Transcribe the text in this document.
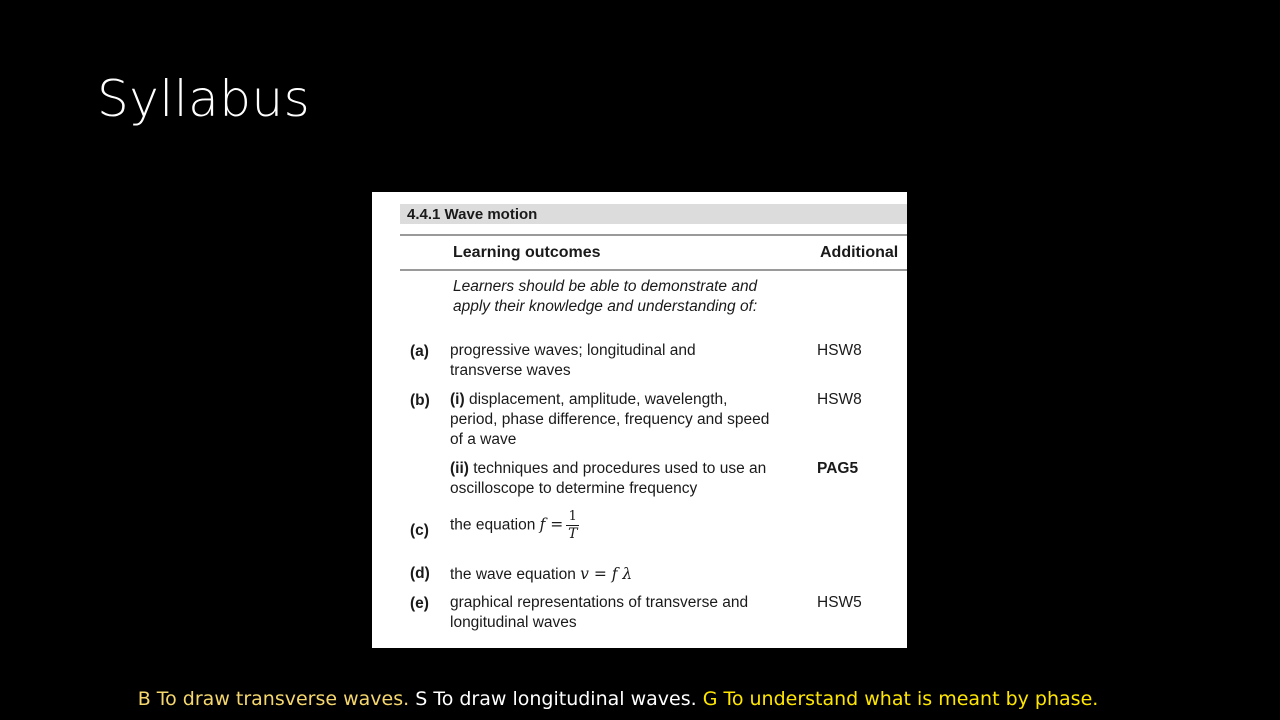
Syllabus
4.4.1 Wave motion
Learning outcomes	Additional
Learners should be able to demonstrate and apply their knowledge and understanding of:
(a) progressive waves; longitudinal and transverse waves
HSW8
(b) (i) displacement, amplitude, wavelength, period, phase difference, frequency and speed of a wave
HSW8
(ii) techniques and procedures used to use an oscilloscope to determine frequency
PAG5
(c) the equation $f = \frac{1}{T}$
(d) the wave equation v = f λ
(e) graphical representations of transverse and longitudinal waves
HSW5
B To draw transverse waves. S To draw longitudinal waves. G To understand what is meant by phase.
